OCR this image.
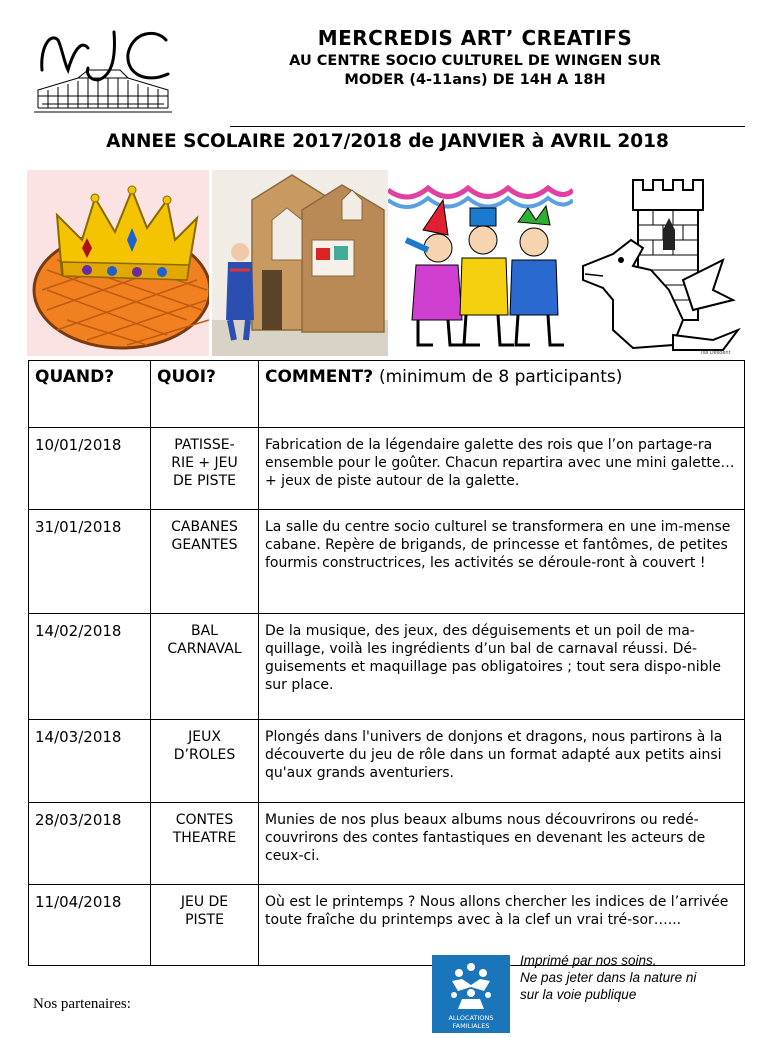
MERCREDIS ART’ CREATIFS
AU CENTRE SOCIO CULTUREL DE WINGEN SUR
MODER (4-11ans) DE 14H A 18H
ANNEE SCOLAIRE 2017/2018 de JANVIER à AVRIL 2018
Isa Desoent
QUAND?	QUOI?	COMMENT? (minimum de 8 participants)
10/01/2018	PATISSE-
RIE + JEU
DE PISTE	Fabrication de la légendaire galette des rois que l’on partage-ra ensemble pour le goûter. Chacun repartira avec une mini galette…+ jeux de piste autour de la galette.
31/01/2018	CABANES
GEANTES	La salle du centre socio culturel se transformera en une im-mense cabane. Repère de brigands, de princesse et fantômes, de petites fourmis constructrices, les activités se déroule-ront à couvert !
14/02/2018	BAL
CARNAVAL	De la musique, des jeux, des déguisements et un poil de ma-quillage, voilà les ingrédients d’un bal de carnaval réussi. Dé-guisements et maquillage pas obligatoires ; tout sera dispo-nible sur place.
14/03/2018	JEUX
D’ROLES	Plongés dans l'univers de donjons et dragons, nous partirons à la découverte du jeu de rôle dans un format adapté aux petits ainsi qu'aux grands aventuriers.
28/03/2018	CONTES
THEATRE	Munies de nos plus beaux albums nous découvrirons ou redé-couvrirons des contes fantastiques en devenant les acteurs de ceux-ci.
11/04/2018	JEU DE
PISTE	Où est le printemps ? Nous allons chercher les indices de l’arrivée toute fraîche du printemps avec à la clef un vrai tré-sor…...
ALLOCATIONS
FAMILIALES
Imprimé par nos soins.
Ne pas jeter dans la nature ni
sur la voie publique
Nos partenaires:
